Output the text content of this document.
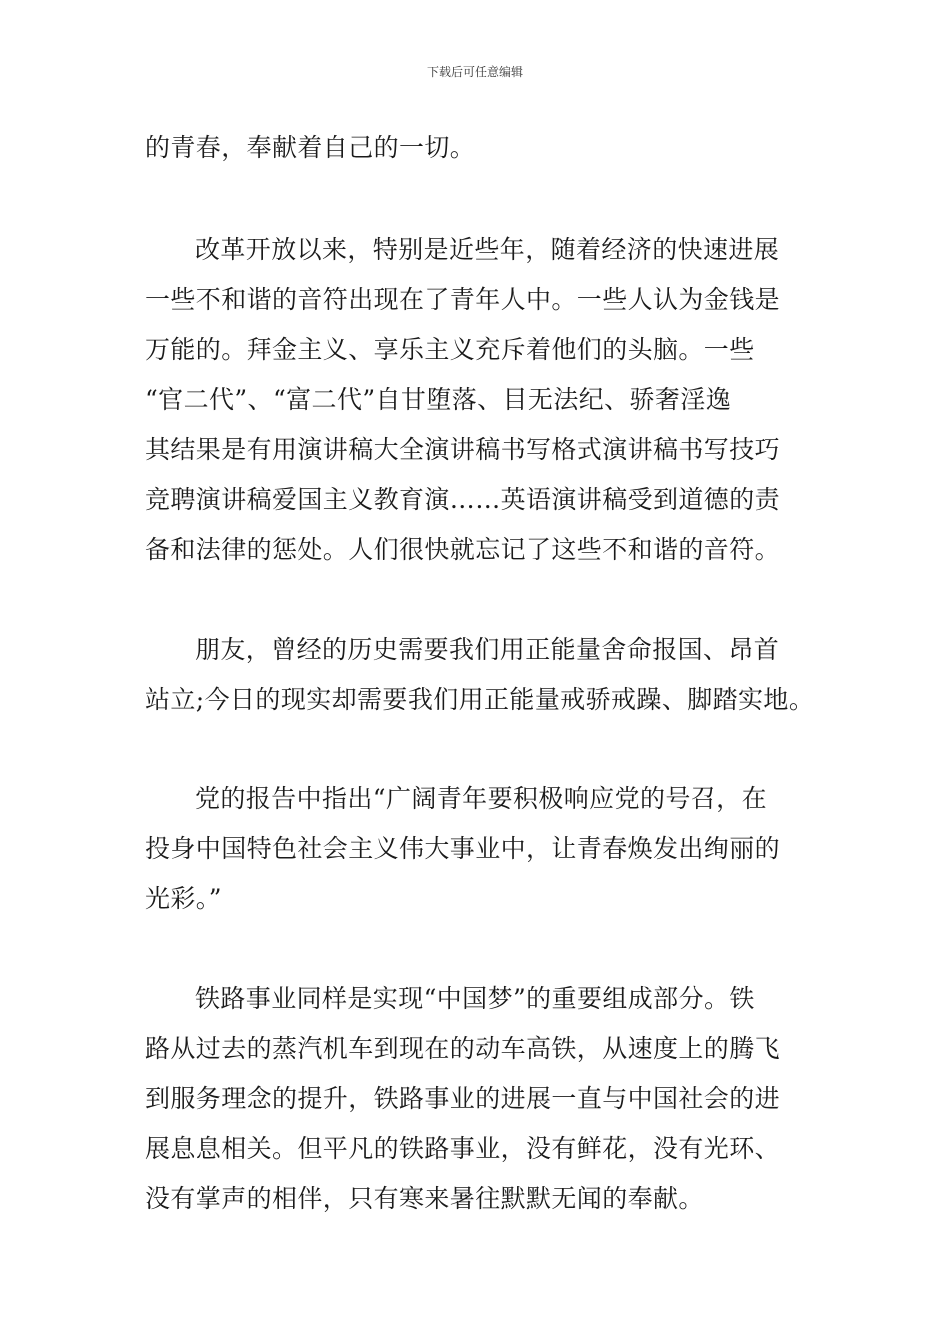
下载后可任意编辑
的青春，奉献着自己的一切。
改革开放以来，特别是近些年，随着经济的快速进展
一些不和谐的音符出现在了青年人中。一些人认为金钱是
万能的。拜金主义、享乐主义充斥着他们的头脑。一些
“官二代”、“富二代”自甘堕落、目无法纪、骄奢淫逸
其结果是有用演讲稿大全演讲稿书写格式演讲稿书写技巧
竞聘演讲稿爱国主义教育演……英语演讲稿受到道德的责
备和法律的惩处。人们很快就忘记了这些不和谐的音符。
朋友，曾经的历史需要我们用正能量舍命报国、昂首
站立;今日的现实却需要我们用正能量戒骄戒躁、脚踏实地。
党的报告中指出“广阔青年要积极响应党的号召，在
投身中国特色社会主义伟大事业中，让青春焕发出绚丽的
光彩。”
铁路事业同样是实现“中国梦”的重要组成部分。铁
路从过去的蒸汽机车到现在的动车高铁，从速度上的腾飞
到服务理念的提升，铁路事业的进展一直与中国社会的进
展息息相关。但平凡的铁路事业，没有鲜花，没有光环、
没有掌声的相伴，只有寒来暑往默默无闻的奉献。
